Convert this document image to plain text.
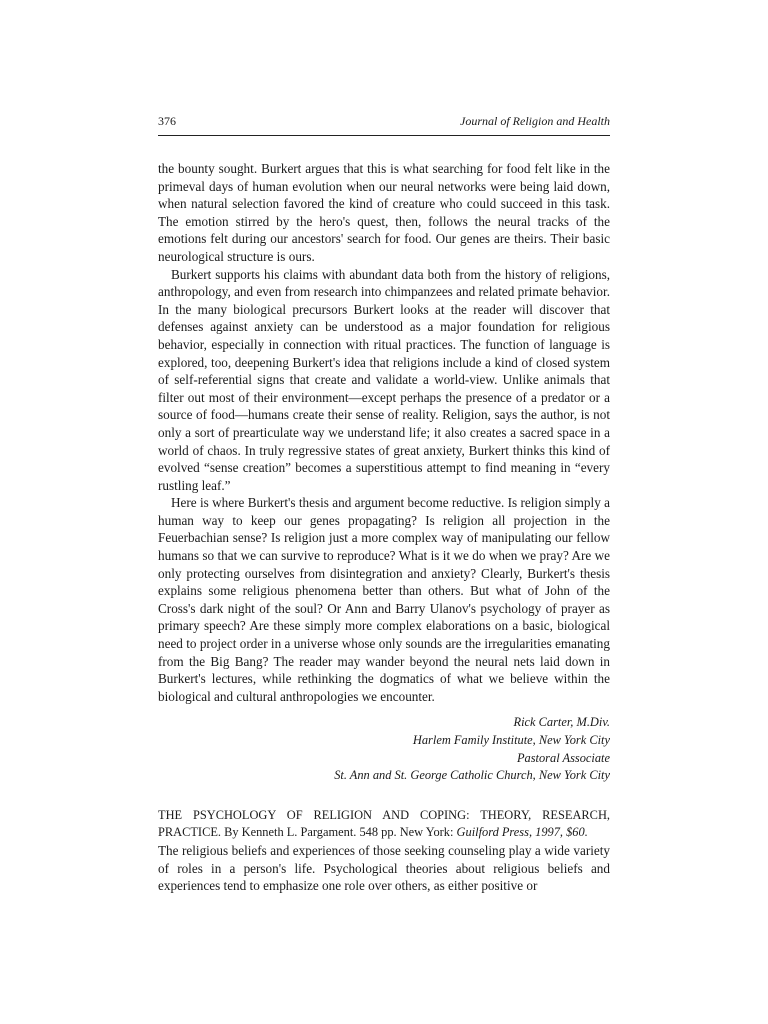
376	Journal of Religion and Health

the bounty sought. Burkert argues that this is what searching for food felt like in the primeval days of human evolution when our neural networks were being laid down, when natural selection favored the kind of creature who could succeed in this task. The emotion stirred by the hero's quest, then, follows the neural tracks of the emotions felt during our ancestors' search for food. Our genes are theirs. Their basic neurological structure is ours.

Burkert supports his claims with abundant data both from the history of religions, anthropology, and even from research into chimpanzees and related primate behavior. In the many biological precursors Burkert looks at the reader will discover that defenses against anxiety can be understood as a major foundation for religious behavior, especially in connection with ritual practices. The function of language is explored, too, deepening Burkert's idea that religions include a kind of closed system of self-referential signs that create and validate a world-view. Unlike animals that filter out most of their environment—except perhaps the presence of a predator or a source of food—humans create their sense of reality. Religion, says the author, is not only a sort of prearticulate way we understand life; it also creates a sacred space in a world of chaos. In truly regressive states of great anxiety, Burkert thinks this kind of evolved “sense creation” becomes a superstitious attempt to find meaning in “every rustling leaf.”

Here is where Burkert's thesis and argument become reductive. Is religion simply a human way to keep our genes propagating? Is religion all projection in the Feuerbachian sense? Is religion just a more complex way of manipulating our fellow humans so that we can survive to reproduce? What is it we do when we pray? Are we only protecting ourselves from disintegration and anxiety? Clearly, Burkert's thesis explains some religious phenomena better than others. But what of John of the Cross's dark night of the soul? Or Ann and Barry Ulanov's psychology of prayer as primary speech? Are these simply more complex elaborations on a basic, biological need to project order in a universe whose only sounds are the irregularities emanating from the Big Bang? The reader may wander beyond the neural nets laid down in Burkert's lectures, while rethinking the dogmatics of what we believe within the biological and cultural anthropologies we encounter.

Rick Carter, M.Div.
Harlem Family Institute, New York City
Pastoral Associate
St. Ann and St. George Catholic Church, New York City
THE PSYCHOLOGY OF RELIGION AND COPING: THEORY, RESEARCH, PRACTICE. By Kenneth L. Pargament. 548 pp. New York: Guilford Press, 1997, $60.

The religious beliefs and experiences of those seeking counseling play a wide variety of roles in a person's life. Psychological theories about religious beliefs and experiences tend to emphasize one role over others, as either positive or
